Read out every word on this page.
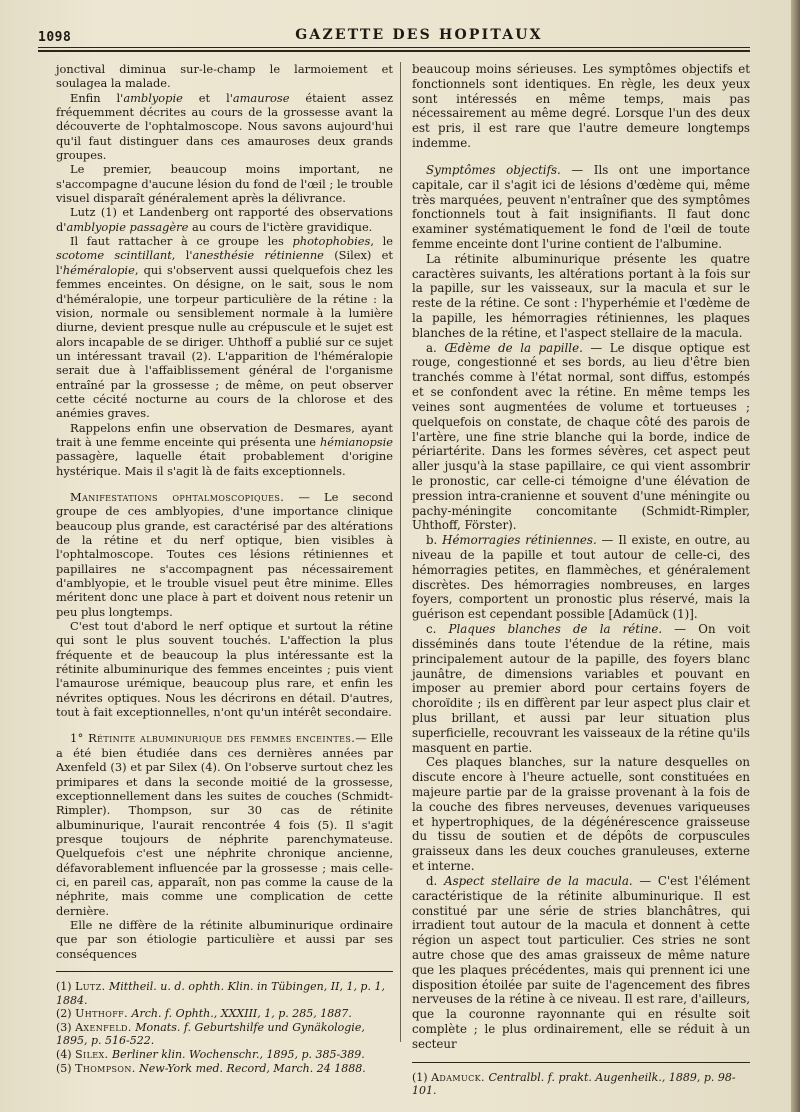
1098	GAZETTE DES HOPITAUX

jonctival diminua sur-le-champ le larmoiement et soulagea la malade.

Enfin l'amblyopie et l'amaurose étaient assez fréquemment décrites au cours de la grossesse avant la découverte de l'ophtalmoscope. Nous savons aujourd'hui qu'il faut distinguer dans ces amauroses deux grands groupes.

Le premier, beaucoup moins important, ne s'accompagne d'aucune lésion du fond de l'œil ; le trouble visuel disparaît généralement après la délivrance.

Lutz (1) et Landenberg ont rapporté des observations d'amblyopie passagère au cours de l'ictère gravidique.

Il faut rattacher à ce groupe les photophobies, le scotome scintillant, l'anesthésie rétinienne (Silex) et l'héméralopie, qui s'observent aussi quelquefois chez les femmes enceintes. On désigne, on le sait, sous le nom d'héméralopie, une torpeur particulière de la rétine : la vision, normale ou sensiblement normale à la lumière diurne, devient presque nulle au crépuscule et le sujet est alors incapable de se diriger. Uhthoff a publié sur ce sujet un intéressant travail (2). L'apparition de l'héméralopie serait due à l'affaiblissement général de l'organisme entraîné par la grossesse ; de même, on peut observer cette cécité nocturne au cours de la chlorose et des anémies graves.

Rappelons enfin une observation de Desmares, ayant trait à une femme enceinte qui présenta une hémianopsie passagère, laquelle était probablement d'origine hystérique. Mais il s'agit là de faits exceptionnels.

Manifestations ophtalmoscopiques. — Le second groupe de ces amblyopies, d'une importance clinique beaucoup plus grande, est caractérisé par des altérations de la rétine et du nerf optique, bien visibles à l'ophtalmoscope. Toutes ces lésions rétiniennes et papillaires ne s'accompagnent pas nécessairement d'amblyopie, et le trouble visuel peut être minime. Elles méritent donc une place à part et doivent nous retenir un peu plus longtemps.

C'est tout d'abord le nerf optique et surtout la rétine qui sont le plus souvent touchés. L'affection la plus fréquente et de beaucoup la plus intéressante est la rétinite albuminurique des femmes enceintes ; puis vient l'amaurose urémique, beaucoup plus rare, et enfin les névrites optiques. Nous les décrirons en détail. D'autres, tout à fait exceptionnelles, n'ont qu'un intérêt secondaire.

1° Rétinite albuminurique des femmes enceintes.— Elle a été bien étudiée dans ces dernières années par Axenfeld (3) et par Silex (4). On l'observe surtout chez les primipares et dans la seconde moitié de la grossesse, exceptionnellement dans les suites de couches (Schmidt-Rimpler). Thompson, sur 30 cas de rétinite albuminurique, l'aurait rencontrée 4 fois (5). Il s'agit presque toujours de néphrite parenchymateuse. Quelquefois c'est une néphrite chronique ancienne, défavorablement influencée par la grossesse ; mais celle-ci, en pareil cas, apparaît, non pas comme la cause de la néphrite, mais comme une complication de cette dernière.

Elle ne diffère de la rétinite albuminurique ordinaire que par son étiologie particulière et aussi par ses conséquences

(1) Lutz. Mittheil. u. d. ophth. Klin. in Tübingen, II, 1, p. 1, 1884.

(2) Uhthoff. Arch. f. Ophth., XXXIII, 1, p. 285, 1887.

(3) Axenfeld. Monats. f. Geburtshilfe und Gynäkologie, 1895, p. 516-522.

(4) Silex. Berliner klin. Wochenschr., 1895, p. 385-389.

(5) Thompson. New-York med. Record, March. 24 1888.

beaucoup moins sérieuses. Les symptômes objectifs et fonctionnels sont identiques. En règle, les deux yeux sont intéressés en même temps, mais pas nécessairement au même degré. Lorsque l'un des deux est pris, il est rare que l'autre demeure longtemps indemme.

Symptômes objectifs. — Ils ont une importance capitale, car il s'agit ici de lésions d'œdème qui, même très marquées, peuvent n'entraîner que des symptômes fonctionnels tout à fait insignifiants. Il faut donc examiner systématiquement le fond de l'œil de toute femme enceinte dont l'urine contient de l'albumine.

La rétinite albuminurique présente les quatre caractères suivants, les altérations portant à la fois sur la papille, sur les vaisseaux, sur la macula et sur le reste de la rétine. Ce sont : l'hyperhémie et l'œdème de la papille, les hémorragies rétiniennes, les plaques blanches de la rétine, et l'aspect stellaire de la macula.

a. Œdème de la papille. — Le disque optique est rouge, congestionné et ses bords, au lieu d'être bien tranchés comme à l'état normal, sont diffus, estompés et se confondent avec la rétine. En même temps les veines sont augmentées de volume et tortueuses ; quelquefois on constate, de chaque côté des parois de l'artère, une fine strie blanche qui la borde, indice de périartérite. Dans les formes sévères, cet aspect peut aller jusqu'à la stase papillaire, ce qui vient assombrir le pronostic, car celle-ci témoigne d'une élévation de pression intra-cranienne et souvent d'une méningite ou pachy-méningite concomitante (Schmidt-Rimpler, Uhthoff, Förster).

b. Hémorragies rétiniennes. — Il existe, en outre, au niveau de la papille et tout autour de celle-ci, des hémorragies petites, en flammèches, et généralement discrètes. Des hémorragies nombreuses, en larges foyers, comportent un pronostic plus réservé, mais la guérison est cependant possible [Adamück (1)].

c. Plaques blanches de la rétine. — On voit disséminés dans toute l'étendue de la rétine, mais principalement autour de la papille, des foyers blanc jaunâtre, de dimensions variables et pouvant en imposer au premier abord pour certains foyers de choroïdite ; ils en diffèrent par leur aspect plus clair et plus brillant, et aussi par leur situation plus superficielle, recouvrant les vaisseaux de la rétine qu'ils masquent en partie.

Ces plaques blanches, sur la nature desquelles on discute encore à l'heure actuelle, sont constituées en majeure partie par de la graisse provenant à la fois de la couche des fibres nerveuses, devenues variqueuses et hypertrophiques, de la dégénérescence graisseuse du tissu de soutien et de dépôts de corpuscules graisseux dans les deux couches granuleuses, externe et interne.

d. Aspect stellaire de la macula. — C'est l'élément caractéristique de la rétinite albuminurique. Il est constitué par une série de stries blanchâtres, qui irradient tout autour de la macula et donnent à cette région un aspect tout particulier. Ces stries ne sont autre chose que des amas graisseux de même nature que les plaques précédentes, mais qui prennent ici une disposition étoilée par suite de l'agencement des fibres nerveuses de la rétine à ce niveau. Il est rare, d'ailleurs, que la couronne rayonnante qui en résulte soit complète ; le plus ordinairement, elle se réduit à un secteur

(1) Adamuck. Centralbl. f. prakt. Augenheilk., 1889, p. 98-101.
